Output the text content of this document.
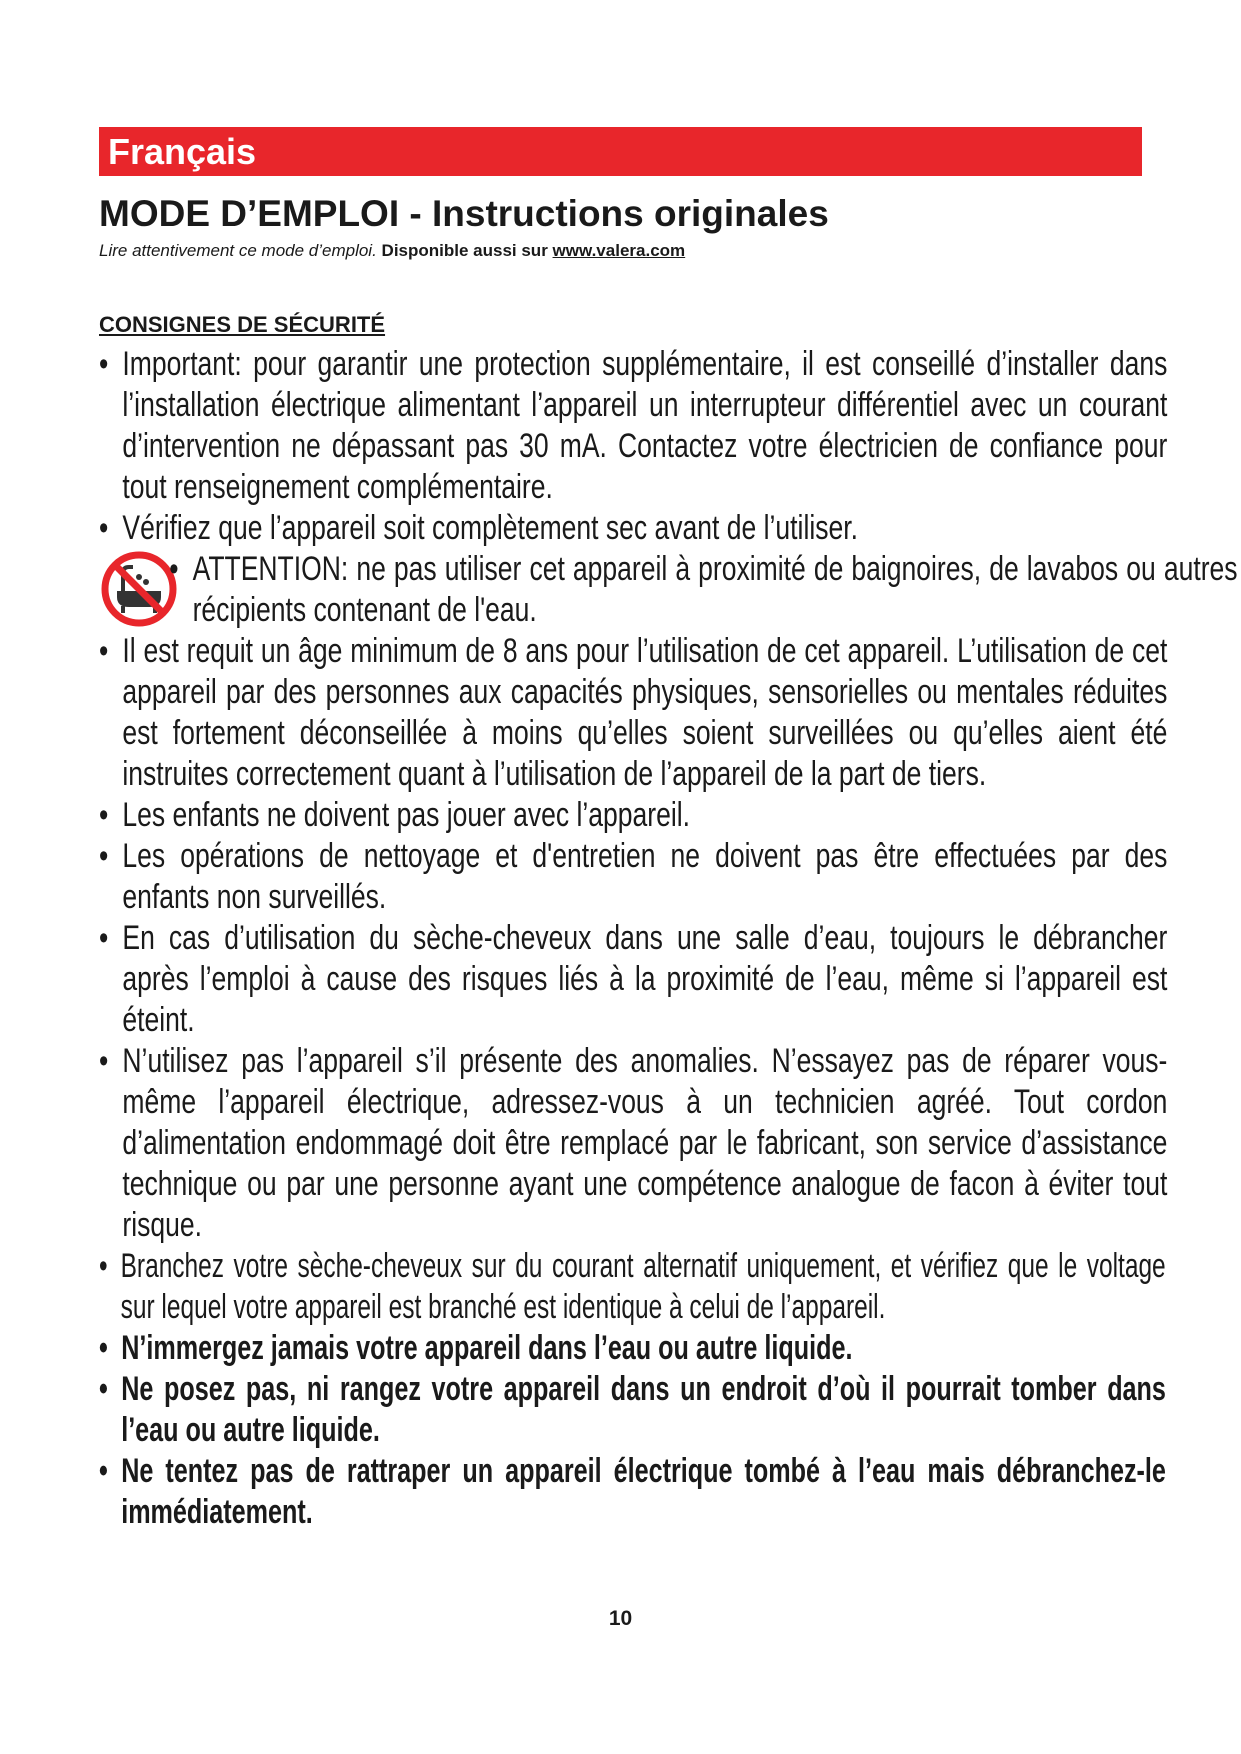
Français
MODE D’EMPLOI - Instructions originales
Lire attentivement ce mode d’emploi. Disponible aussi sur www.valera.com
CONSIGNES DE SÉCURITÉ
• Important: pour garantir une protection supplémentaire, il est conseillé d’installer dans l’installation électrique alimentant l’appareil un interrupteur différentiel avec un courant d’intervention ne dépassant pas 30 mA. Contactez votre électricien de confiance pour tout renseignement complémentaire.
• Vérifiez que l’appareil soit complètement sec avant de l’utiliser.
• ATTENTION: ne pas utiliser cet appareil à proximité de baignoires, de lavabos ou autres récipients contenant de l'eau.
• Il est requit un âge minimum de 8 ans pour l’utilisation de cet appareil. L’utilisation de cet appareil par des personnes aux capacités physiques, sensorielles ou mentales réduites est fortement déconseillée à moins qu’elles soient surveillées ou qu’elles aient été instruites correctement quant à l’utilisation de l’appareil de la part de tiers.
• Les enfants ne doivent pas jouer avec l’appareil.
• Les opérations de nettoyage et d'entretien ne doivent pas être effectuées par des enfants non surveillés.
• En cas d’utilisation du sèche-cheveux dans une salle d’eau, toujours le débrancher après l’emploi à cause des risques liés à la proximité de l’eau, même si l’appareil est éteint.
• N’utilisez pas l’appareil s’il présente des anomalies. N’essayez pas de réparer vous-même l’appareil électrique, adressez-vous à un technicien agréé. Tout cordon d’alimentation endommagé doit être remplacé par le fabricant, son service d’assistance technique ou par une personne ayant une compétence analogue de facon à éviter tout risque.
• Branchez votre sèche-cheveux sur du courant alternatif uniquement, et vérifiez que le voltage sur lequel votre appareil est branché est identique à celui de l’appareil.
• N’immergez jamais votre appareil dans l’eau ou autre liquide.
• Ne posez pas, ni rangez votre appareil dans un endroit d’où il pourrait tomber dans l’eau ou autre liquide.
• Ne tentez pas de rattraper un appareil électrique tombé à l’eau mais débranchez-le immédiatement.
10
